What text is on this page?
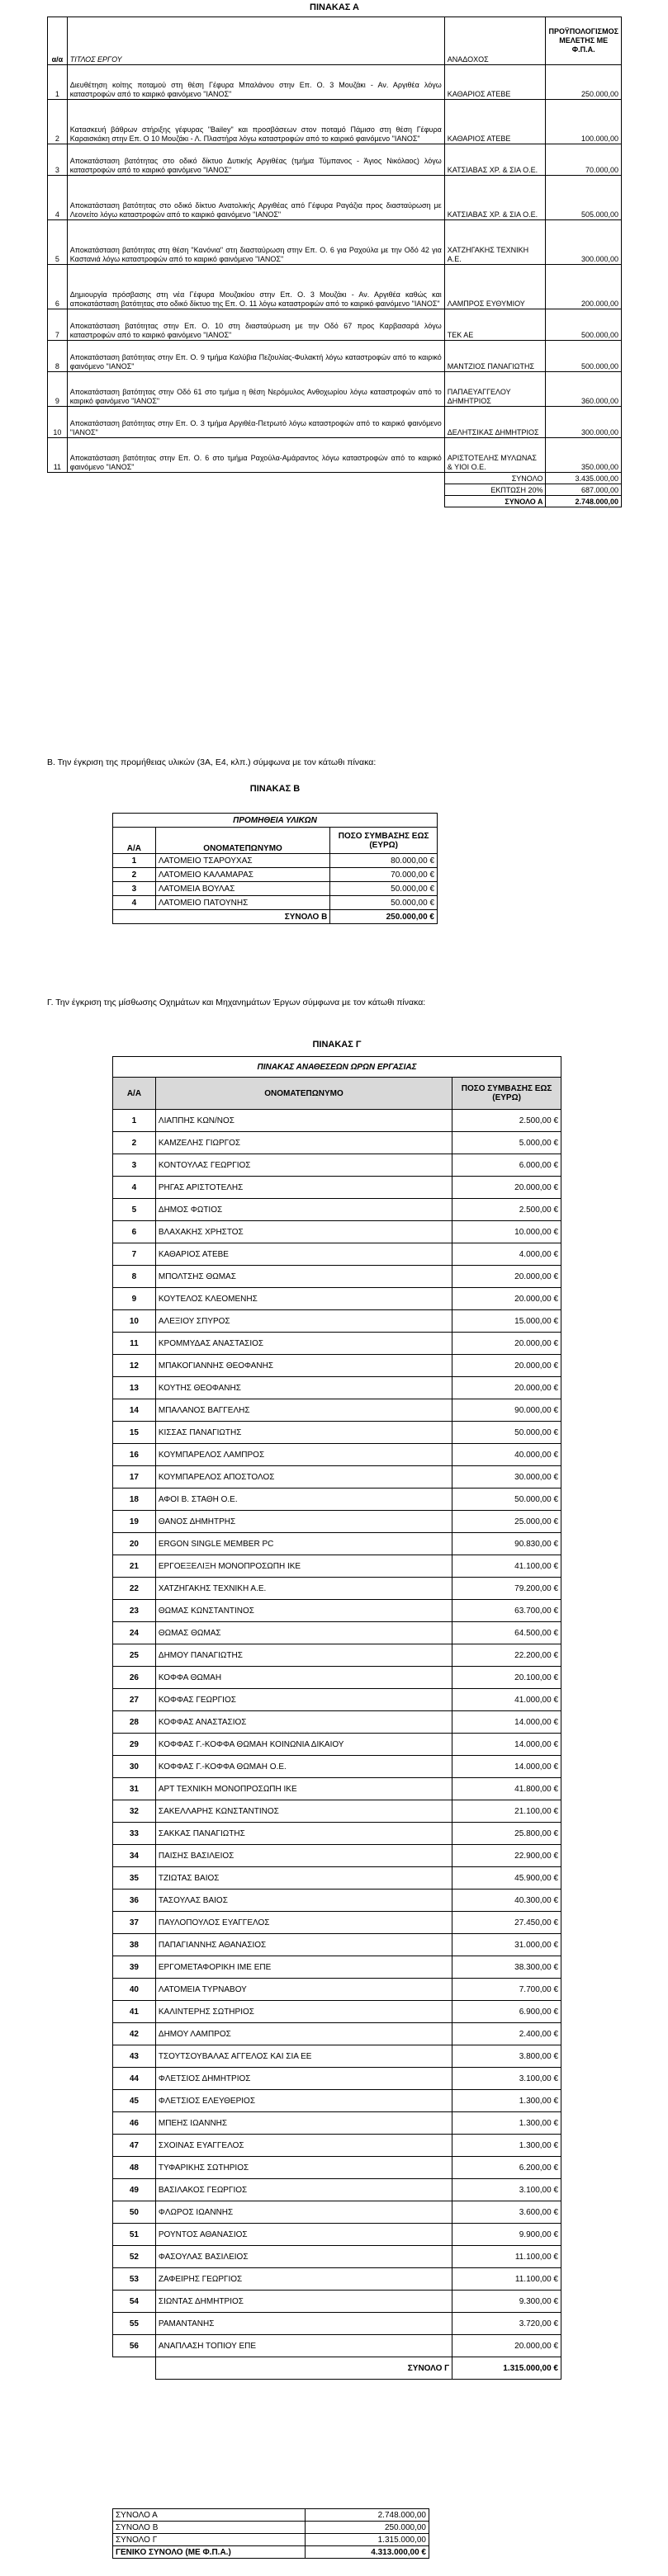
ΠΙΝΑΚΑΣ Α
α/α	ΤΙΤΛΟΣ ΕΡΓΟΥ	ΑΝΑΔΟΧΟΣ	ΠΡΟΫΠΟΛΟΓΙΣΜΟΣ ΜΕΛΕΤΗΣ ΜΕ Φ.Π.Α.
1	Διευθέτηση κοίτης ποταμού στη θέση Γέφυρα Μπαλάνου στην Επ. Ο. 3 Μουζάκι - Αν. Αργιθέα λόγω καταστροφών από το καιρικό φαινόμενο "ΙΑΝΟΣ"	ΚΑΘΑΡΙΟΣ ΑΤΕΒΕ	250.000,00
2	Κατασκευή βάθρων στήριξης γέφυρας "Bailey" και προσβάσεων στον ποταμό Πάμισο στη θέση Γέφυρα Καραισκάκη στην Επ. Ο 10 Μουζάκι - Λ. Πλαστήρα λόγω καταστροφών από το καιρικό φαινόμενο "ΙΑΝΟΣ"	ΚΑΘΑΡΙΟΣ ΑΤΕΒΕ	100.000,00
3	Αποκατάσταση βατότητας στο οδικό δίκτυο Δυτικής Αργιθέας (τμήμα Τύμπανος - Άγιος Νικόλαος) λόγω καταστροφών από το καιρικό φαινόμενο "ΙΑΝΟΣ"	ΚΑΤΣΙΑΒΑΣ ΧΡ. & ΣΙΑ Ο.Ε.	70.000,00
4	Αποκατάσταση βατότητας στο οδικό δίκτυο Ανατολικής Αργιθέας από Γέφυρα Ραγάζια προς διασταύρωση με Λεονείτο λόγω καταστροφών από το καιρικό φαινόμενο "ΙΑΝΟΣ"	ΚΑΤΣΙΑΒΑΣ ΧΡ. & ΣΙΑ Ο.Ε.	505.000,00
5	Αποκατάσταση βατότητας στη θέση "Κανόνια" στη διασταύρωση στην Επ. Ο. 6 για Ραχούλα με την Οδό 42 για Καστανιά λόγω καταστροφών από το καιρικό φαινόμενο "ΙΑΝΟΣ"	ΧΑΤΖΗΓΑΚΗΣ ΤΕΧΝΙΚΗ Α.Ε.	300.000,00
6	Δημιουργία πρόσβασης στη νέα Γέφυρα Μουζακίου στην Επ. Ο. 3 Μουζάκι - Αν. Αργιθέα καθώς και αποκατάσταση βατότητας στο οδικό δίκτυο της Επ. Ο. 11 λόγω καταστροφών από το καιρικό φαινόμενο "ΙΑΝΟΣ"	ΛΑΜΠΡΟΣ ΕΥΘΥΜΙΟΥ	200.000,00
7	Αποκατάσταση βατότητας στην Επ. Ο. 10 στη διασταύρωση με την Οδό 67 προς Καρβασαρά λόγω καταστροφών από το καιρικό φαινόμενο "ΙΑΝΟΣ"	ΤΕΚ ΑΕ	500.000,00
8	Αποκατάσταση βατότητας στην Επ. Ο. 9 τμήμα Καλύβια Πεζουλίας-Φυλακτή λόγω καταστροφών από το καιρικό φαινόμενο "ΙΑΝΟΣ"	ΜΑΝΤΖΙΟΣ ΠΑΝΑΓΙΩΤΗΣ	500.000,00
9	Αποκατάσταση βατότητας στην Οδό 61 στο τμήμα η θέση Νερόμυλος Ανθοχωρίου λόγω καταστροφών από το καιρικό φαινόμενο "ΙΑΝΟΣ"	ΠΑΠΑΕΥΑΓΓΕΛΟΥ ΔΗΜΗΤΡΙΟΣ	360.000,00
10	Αποκατάσταση βατότητας στην Επ. Ο. 3 τμήμα Αργιθέα-Πετρωτό λόγω καταστροφών από το καιρικό φαινόμενο "ΙΑΝΟΣ"	ΔΕΛΗΤΣΙΚΑΣ ΔΗΜΗΤΡΙΟΣ	300.000,00
11	Αποκατάσταση βατότητας στην Επ. Ο. 6 στο τμήμα Ραχούλα-Αμάραντος λόγω καταστροφών από το καιρικό φαινόμενο "ΙΑΝΟΣ"	ΑΡΙΣΤΟΤΕΛΗΣ ΜΥΛΩΝΑΣ & ΥΙΟΙ Ο.Ε.	350.000,00
		ΣΥΝΟΛΟ	3.435.000,00
		ΕΚΠΤΩΣΗ 20%	687.000,00
		ΣΥΝΟΛΟ Α	2.748.000,00
Β. Την έγκριση της προμήθειας υλικών (3Α, Ε4, κλπ.) σύμφωνα με τον κάτωθι πίνακα:
ΠΙΝΑΚΑΣ Β
ΠΡΟΜΗΘΕΙΑ ΥΛΙΚΩΝ		
Α/Α	ΟΝΟΜΑΤΕΠΩΝΥΜΟ	ΠΟΣΟ ΣΥΜΒΑΣΗΣ ΕΩΣ (ΕΥΡΩ)
1	ΛΑΤΟΜΕΙΟ ΤΣΑΡΟΥΧΑΣ	80.000,00 €
2	ΛΑΤΟΜΕΙΟ ΚΑΛΑΜΑΡΑΣ	70.000,00 €
3	ΛΑΤΟΜΕΙΑ ΒΟΥΛΑΣ	50.000,00 €
4	ΛΑΤΟΜΕΙΟ ΠΑΤΟΥΝΗΣ	50.000,00 €
ΣΥΝΟΛΟ Β		250.000,00 €
Γ. Την έγκριση της μίσθωσης Οχημάτων και Μηχανημάτων Έργων σύμφωνα με τον κάτωθι πίνακα:
ΠΙΝΑΚΑΣ Γ
ΠΙΝΑΚΑΣ ΑΝΑΘΕΣΕΩΝ ΩΡΩΝ ΕΡΓΑΣΙΑΣ		
Α/Α	ΟΝΟΜΑΤΕΠΩΝΥΜΟ	ΠΟΣΟ ΣΥΜΒΑΣΗΣ ΕΩΣ (ΕΥΡΩ)
1	ΛΙΑΠΠΗΣ ΚΩΝ/ΝΟΣ	2.500,00 €
2	ΚΑΜΖΕΛΗΣ ΓΙΩΡΓΟΣ	5.000,00 €
3	ΚΟΝΤΟΥΛΑΣ ΓΕΩΡΓΙΟΣ	6.000,00 €
4	ΡΗΓΑΣ ΑΡΙΣΤΟΤΕΛΗΣ	20.000,00 €
5	ΔΗΜΟΣ ΦΩΤΙΟΣ	2.500,00 €
6	ΒΛΑΧΑΚΗΣ ΧΡΗΣΤΟΣ	10.000,00 €
7	ΚΑΘΑΡΙΟΣ ΑΤΕΒΕ	4.000,00 €
8	ΜΠΟΛΤΣΗΣ ΘΩΜΑΣ	20.000,00 €
9	ΚΟΥΤΕΛΟΣ ΚΛΕΟΜΕΝΗΣ	20.000,00 €
10	ΑΛΕΞΙΟΥ ΣΠΥΡΟΣ	15.000,00 €
11	ΚΡΟΜΜΥΔΑΣ ΑΝΑΣΤΑΣΙΟΣ	20.000,00 €
12	ΜΠΑΚΟΓΙΑΝΝΗΣ ΘΕΟΦΑΝΗΣ	20.000,00 €
13	ΚΟΥΤΗΣ ΘΕΟΦΑΝΗΣ	20.000,00 €
14	ΜΠΑΛΑΝΟΣ ΒΑΓΓΕΛΗΣ	90.000,00 €
15	ΚΙΣΣΑΣ ΠΑΝΑΓΙΩΤΗΣ	50.000,00 €
16	ΚΟΥΜΠΑΡΕΛΟΣ ΛΑΜΠΡΟΣ	40.000,00 €
17	ΚΟΥΜΠΑΡΕΛΟΣ ΑΠΟΣΤΟΛΟΣ	30.000,00 €
18	ΑΦΟΙ Β. ΣΤΑΘΗ Ο.Ε.	50.000,00 €
19	ΘΑΝΟΣ ΔΗΜΗΤΡΗΣ	25.000,00 €
20	ERGON SINGLE MEMBER PC	90.830,00 €
21	ΕΡΓΟΕΞΕΛΙΞΗ ΜΟΝΟΠΡΟΣΩΠΗ ΙΚΕ	41.100,00 €
22	ΧΑΤΖΗΓΑΚΗΣ ΤΕΧΝΙΚΗ Α.Ε.	79.200,00 €
23	ΘΩΜΑΣ ΚΩΝΣΤΑΝΤΙΝΟΣ	63.700,00 €
24	ΘΩΜΑΣ ΘΩΜΑΣ	64.500,00 €
25	ΔΗΜΟΥ ΠΑΝΑΓΙΩΤΗΣ	22.200,00 €
26	ΚΟΦΦΑ ΘΩΜΑΗ	20.100,00 €
27	ΚΟΦΦΑΣ ΓΕΩΡΓΙΟΣ	41.000,00 €
28	ΚΟΦΦΑΣ ΑΝΑΣΤΑΣΙΟΣ	14.000,00 €
29	ΚΟΦΦΑΣ Γ.-ΚΟΦΦΑ ΘΩΜΑΗ ΚΟΙΝΩΝΙΑ ΔΙΚΑΙΟΥ	14.000,00 €
30	ΚΟΦΦΑΣ Γ.-ΚΟΦΦΑ ΘΩΜΑΗ Ο.Ε.	14.000,00 €
31	ΑΡΤ ΤΕΧΝΙΚΗ ΜΟΝΟΠΡΟΣΩΠΗ ΙΚΕ	41.800,00 €
32	ΣΑΚΕΛΛΑΡΗΣ ΚΩΝΣΤΑΝΤΙΝΟΣ	21.100,00 €
33	ΣΑΚΚΑΣ ΠΑΝΑΓΙΩΤΗΣ	25.800,00 €
34	ΠΑΙΣΗΣ ΒΑΣΙΛΕΙΟΣ	22.900,00 €
35	ΤΖΙΩΤΑΣ ΒΑΙΟΣ	45.900,00 €
36	ΤΑΣΟΥΛΑΣ ΒΑΙΟΣ	40.300,00 €
37	ΠΑΥΛΟΠΟΥΛΟΣ ΕΥΑΓΓΕΛΟΣ	27.450,00 €
38	ΠΑΠΑΓΙΑΝΝΗΣ ΑΘΑΝΑΣΙΟΣ	31.000,00 €
39	ΕΡΓΟΜΕΤΑΦΟΡΙΚΗ ΙΜΕ ΕΠΕ	38.300,00 €
40	ΛΑΤΟΜΕΙΑ ΤΥΡΝΑΒΟΥ	7.700,00 €
41	ΚΑΛΙΝΤΕΡΗΣ ΣΩΤΗΡΙΟΣ	6.900,00 €
42	ΔΗΜΟΥ ΛΑΜΠΡΟΣ	2.400,00 €
43	ΤΣΟΥΤΣΟΥΒΑΛΑΣ ΑΓΓΕΛΟΣ ΚΑΙ ΣΙΑ ΕΕ	3.800,00 €
44	ΦΛΕΤΣΙΟΣ ΔΗΜΗΤΡΙΟΣ	3.100,00 €
45	ΦΛΕΤΣΙΟΣ ΕΛΕΥΘΕΡΙΟΣ	1.300,00 €
46	ΜΠΕΗΣ ΙΩΑΝΝΗΣ	1.300,00 €
47	ΣΧΟΙΝΑΣ ΕΥΑΓΓΕΛΟΣ	1.300,00 €
48	ΤΥΦΑΡΙΚΗΣ ΣΩΤΗΡΙΟΣ	6.200,00 €
49	ΒΑΣΙΛΑΚΟΣ ΓΕΩΡΓΙΟΣ	3.100,00 €
50	ΦΛΩΡΟΣ ΙΩΑΝΝΗΣ	3.600,00 €
51	ΡΟΥΝΤΟΣ ΑΘΑΝΑΣΙΟΣ	9.900,00 €
52	ΦΑΣΟΥΛΑΣ ΒΑΣΙΛΕΙΟΣ	11.100,00 €
53	ΖΑΦΕΙΡΗΣ ΓΕΩΡΓΙΟΣ	11.100,00 €
54	ΣΙΩΝΤΑΣ ΔΗΜΗΤΡΙΟΣ	9.300,00 €
55	ΡΑΜΑΝΤΑΝΗΣ	3.720,00 €
56	ΑΝΑΠΛΑΣΗ ΤΟΠΙΟΥ ΕΠΕ	20.000,00 €
	ΣΥΝΟΛΟ Γ	1.315.000,00 €
ΣΥΝΟΛΟ Α	2.748.000,00
ΣΥΝΟΛΟ Β	250.000,00
ΣΥΝΟΛΟ Γ	1.315.000,00
ΓΕΝΙΚΟ ΣΥΝΟΛΟ (ΜΕ Φ.Π.Α.)	4.313.000,00 €
